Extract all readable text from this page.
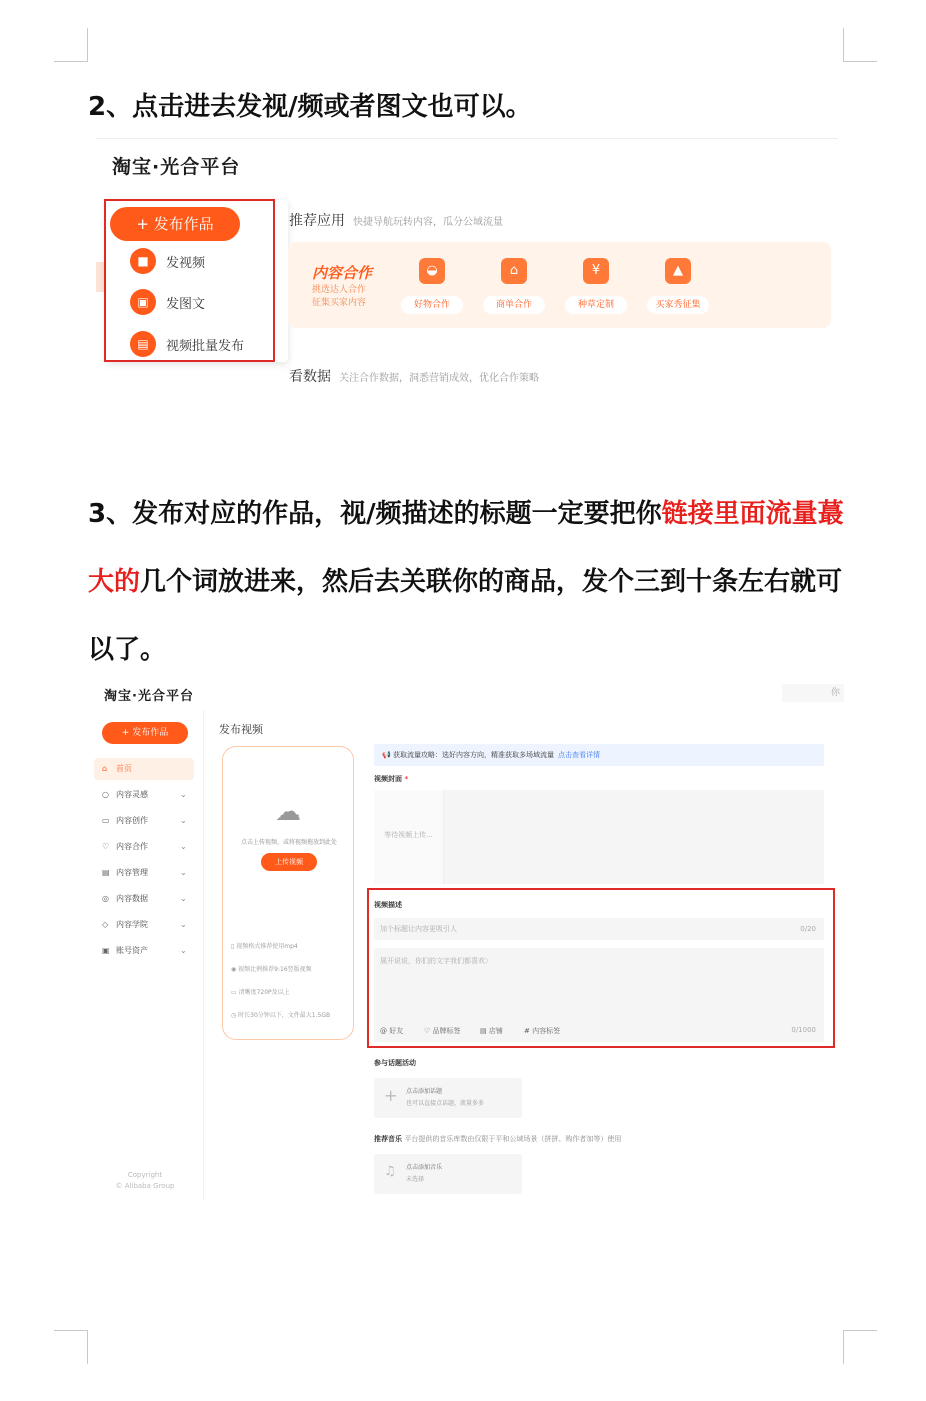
2、点击进去发视/频或者图文也可以。
淘宝·光合平台
+ 发布作品
■	发视频
▣	发图文
▤	视频批量发布
推荐应用 快捷导航玩转内容，瓜分公域流量
内容合作
挑选达人合作
征集买家内容
◒
好物合作
⌂
商单合作
¥
种草定制
▲
买家秀征集
看数据 关注合作数据，洞悉营销成效，优化合作策略
3、发布对应的作品，视/频描述的标题一定要把你链接里面流量蕞大的几个词放进来，然后去关联你的商品，发个三到十条左右就可以了。
淘宝·光合平台	你
+ 发布作品
⌂ 首页
○ 内容灵感	⌄
▭ 内容创作	⌄
♡ 内容合作	⌄
▤ 内容管理	⌄
◎ 内容数据	⌄
◇ 内容学院	⌄
▣ 账号资产	⌄
Copyright
© Alibaba Group
发布视频
☁
点击上传视频，或将视频拖放到此处
上传视频
▯ 视频格式推荐使用mp4
◉ 视频比例推荐9:16竖版视频
▭ 清晰度720P及以上
◷ 时长30分钟以下，文件最大1.5GB
📢 获取流量攻略：选好内容方向，精准获取多场域流量 点击查看详情
视频封面 *
等待视频上传...
视频描述
加个标题让内容更吸引人	0/20
展开说说，你们的文字我们都喜欢〉
@ 好友	♡ 品牌标签	▤ 店铺	# 内容标签	0/1000
参与话题活动
+ 点击添加话题
也可以直接点话题，流量多多
推荐音乐 平台提供的音乐库数由仅限于平和公域场景（拼拼、购作者加等）使用
♫ 点击添加音乐
未选择
